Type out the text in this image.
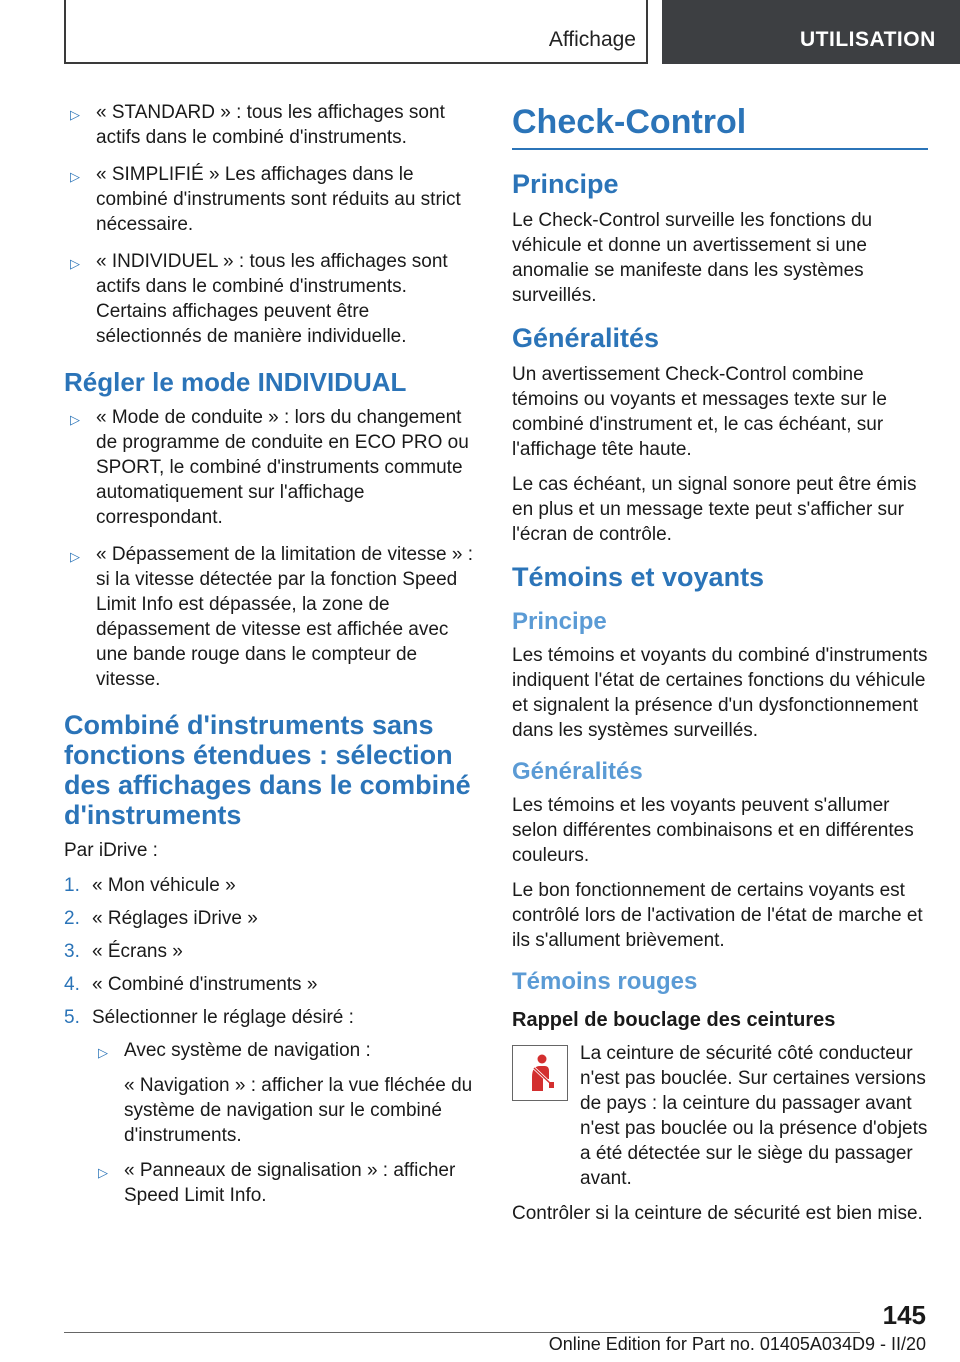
Affichage	UTILISATION
▷ « STANDARD » : tous les affichages sont actifs dans le combiné d'instruments.
▷ « SIMPLIFIÉ » Les affichages dans le combiné d'instruments sont réduits au strict nécessaire.
▷ « INDIVIDUEL » : tous les affichages sont actifs dans le combiné d'instruments. Certains affichages peuvent être sélectionnés de manière individuelle.
Régler le mode INDIVIDUAL
▷ « Mode de conduite » : lors du changement de programme de conduite en ECO PRO ou SPORT, le combiné d'instruments commute automatiquement sur l'affichage correspondant.
▷ « Dépassement de la limitation de vitesse » : si la vitesse détectée par la fonction Speed Limit Info est dépassée, la zone de dépassement de vitesse est affichée avec une bande rouge dans le compteur de vitesse.
Combiné d'instruments sans fonctions étendues : sélection des affichages dans le combiné d'instruments

Par iDrive :

1. « Mon véhicule »
2. « Réglages iDrive »
3. « Écrans »
4. « Combiné d'instruments »
5. Sélectionner le réglage désiré :
▷ Avec système de navigation :

« Navigation » : afficher la vue fléchée du système de navigation sur le combiné d'instruments.

▷ « Panneaux de signalisation » : afficher Speed Limit Info.
Check-Control
Principe

Le Check-Control surveille les fonctions du véhicule et donne un avertissement si une anomalie se manifeste dans les systèmes surveillés.

Généralités

Un avertissement Check-Control combine témoins ou voyants et messages texte sur le combiné d'instrument et, le cas échéant, sur l'affichage tête haute.

Le cas échéant, un signal sonore peut être émis en plus et un message texte peut s'afficher sur l'écran de contrôle.

Témoins et voyants
Principe

Les témoins et voyants du combiné d'instruments indiquent l'état de certaines fonctions du véhicule et signalent la présence d'un dysfonctionnement dans les systèmes surveillés.

Généralités

Les témoins et les voyants peuvent s'allumer selon différentes combinaisons et en différentes couleurs.

Le bon fonctionnement de certains voyants est contrôlé lors de l'activation de l'état de marche et ils s'allument brièvement.

Témoins rouges
Rappel de bouclage des ceintures

La ceinture de sécurité côté conducteur n'est pas bouclée. Sur certaines versions de pays : la ceinture du passager avant n'est pas bouclée ou la présence d'objets a été détectée sur le siège du passager avant.

Contrôler si la ceinture de sécurité est bien mise.

145
Online Edition for Part no. 01405A034D9 - II/20
